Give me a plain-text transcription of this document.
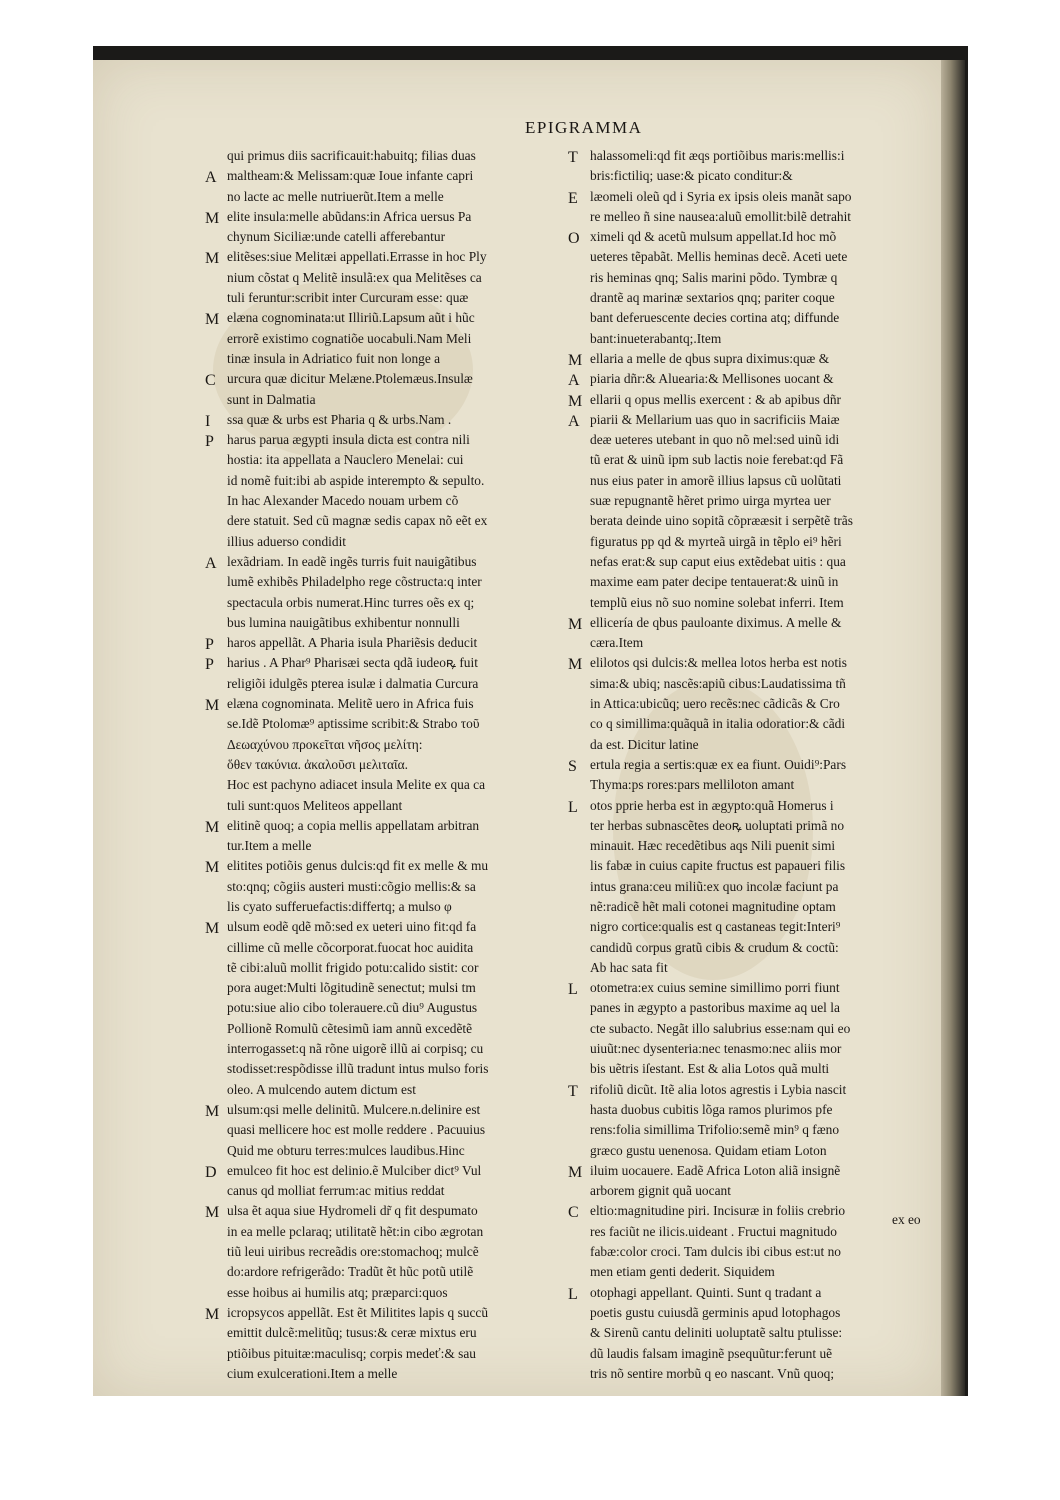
EPIGRAMMA
qui primus diis sacrificauit:habuitq; filias duas
A maltheam:& Melissam:quæ Ioue infante capri
no lacte ac melle nutriuerũt.Item a melle
M elite insula:melle abũdans:in Africa uersus Pa
chynum Siciliæ:unde catelli afferebantur
M elitẽses:siue Melitæi appellati.Errasse in hoc Ply
nium cõstat q Melitẽ insulã:ex qua Melitẽses ca
tuli feruntur:scribit inter Curcuram esse: quæ
M elæna cognominata:ut Illiriũ.Lapsum aũt i hũc
errorẽ existimo cognatiõe uocabuli.Nam Meli
tinæ insula in Adriatico fuit non longe a
C urcura quæ dicitur Melæne.Ptolemæus.Insulæ
sunt in Dalmatia
I	ssa quæ & urbs est Pharia q & urbs.Nam .
P harus parua ægypti insula dicta est contra nili
hostia: ita appellata a Nauclero Menelai: cui
id nomẽ fuit:ibi ab aspide interempto & sepulto.
In hac Alexander Macedo nouam urbem cõ
dere statuit. Sed cũ magnæ sedis capax nõ eẽt ex
illius aduerso condidit
A lexãdriam. In eadẽ ingẽs turris fuit nauigãtibus
lumẽ exhibẽs Philadelpho rege cõstructa:q inter
spectacula orbis numerat.Hinc turres oẽs ex q;
bus lumina nauigãtibus exhibentur nonnulli
P haros appellãt. A Pharia isula Phariẽsis deducit
P harius . A Phar⁹ Pharisæi secta qdã iudeoꝶ fuit
religiõi idulgẽs pterea isulæ i dalmatia Curcura
M elæna cognominata. Melitẽ uero in Africa fuis
se.Idẽ Ptolomæ⁹ aptissime scribit:& Strabo τοῦ
Δεωαχύνου προκεῖται νῆσος μελίτη:
ὅθεν τακύνια. ἀκαλοῦσι μελιταῖα.
Hoc est pachyno adiacet insula Melite ex qua ca
tuli sunt:quos Meliteos appellant
M elitinẽ quoq; a copia mellis appellatam arbitran
tur.Item a melle
M elitites potiõis genus dulcis:qd fit ex melle & mu
sto:qnq; cõgiis austeri musti:cõgio mellis:& sa
lis cyato sufferuefactis:differtq; a mulso φ
M ulsum eodẽ qdẽ mõ:sed ex ueteri uino fit:qd fa
cillime cũ melle cõcorporat.fuocat hoc auidita
tẽ cibi:aluũ mollit frigido potu:calido sistit: cor
pora auget:Multi lõgitudinẽ senectut; mulsi tm
potu:siue alio cibo tolerauere.cũ diu⁹ Augustus
Pollionẽ Romulũ cẽtesimũ iam annũ excedẽtẽ
interrogasset:q nã rõne uigorẽ illũ ai corpisq; cu
stodisset:respõdisse illũ tradunt intus mulso foris
oleo. A mulcendo autem dictum est
M ulsum:qsi melle delinitũ. Mulcere.n.delinire est
quasi mellicere hoc est molle reddere . Pacuuius
Quid me obturu terres:mulces laudibus.Hinc
D emulceo fit hoc est delinio.ẽ Mulciber dict⁹ Vul
canus qd molliat ferrum:ac mitius reddat
M ulsa ẽt aqua siue Hydromeli dr̃ q fit despumato
in ea melle pclaraq; utilitatẽ hẽt:in cibo ægrotan
tiũ leui uiribus recreãdis ore:stomachoq; mulcẽ
do:ardore refrigerãdo: Tradũt ẽt hũc potũ utilẽ
esse hoibus ai humilis atq; præparci:quos
M icropsycos appellãt. Est ẽt Militites lapis q succũ
emittit dulcẽ:melitũq; tusus:& ceræ mixtus eru
ptiõibus pituitæ:maculisq; corpis medeť:& sau
cium exulcerationi.Item a melle
T halassomeli:qd fit æqs portiõibus maris:mellis:i
bris:fictiliq; uase:& picato conditur:&
E læomeli oleũ qd i Syria ex ipsis oleis manãt sapo
re melleo ñ sine nausea:aluũ emollit:bilẽ detrahit
O ximeli qd & acetũ mulsum appellat.Id hoc mõ
ueteres tẽpabãt. Mellis heminas decẽ. Aceti uete
ris heminas qnq; Salis marini põdo. Tymbræ q
drantẽ aq marinæ sextarios qnq; pariter coque
bant deferuescente decies cortina atq; diffunde
bant:inueterabantq;.Item
M ellaria a melle de qbus supra diximus:quæ &
A piaria dñr:& Aluearia:& Mellisones uocant &
M ellarii q opus mellis exercent : & ab apibus dñr
A piarii & Mellarium uas quo in sacrificiis Maiæ
deæ ueteres utebant in quo nõ mel:sed uinũ idi
tũ erat & uinũ ipm sub lactis noie ferebat:qd Fã
nus eius pater in amorẽ illius lapsus cũ uolũtati
suæ repugnantẽ hẽret primo uirga myrtea uer
berata deinde uino sopitã cõprææsit i serpẽtẽ trãs
figuratus pp qd & myrteã uirgã in tẽplo ei⁹ hẽri
nefas erat:& sup caput eius extẽdebat uitis : qua
maxime eam pater decipe tentauerat:& uinũ in
templũ eius nõ suo nomine solebat inferri. Item
M ellicería de qbus pauloante diximus. A melle &
cæra.Item
M elilotos qsi dulcis:& mellea lotos herba est notis
sima:& ubiq; nascẽs:apiũ cibus:Laudatissima tñ
in Attica:ubicũq; uero recẽs:nec cãdicãs & Cro
co q simillima:quãquã in italia odoratior:& cãdi
da est. Dicitur latine
S ertula regia a sertis:quæ ex ea fiunt. Ouidi⁹:Pars
Thyma:ps rores:pars melliloton amant
L otos pprie herba est in ægypto:quã Homerus i
ter herbas subnascẽtes deoꝶ uoluptati primã no
minauit. Hæc recedẽtibus aqs Nili puenit simi
lis fabæ in cuius capite fructus est papaueri filis
intus grana:ceu miliũ:ex quo incolæ faciunt pa
nẽ:radicẽ hẽt mali cotonei magnitudine optam
nigro cortice:qualis est q castaneas tegit:Interi⁹
candidũ corpus gratũ cibis & crudum & coctũ:
Ab hac sata fit
L otometra:ex cuius semine simillimo porri fiunt
panes in ægypto a pastoribus maxime aq uel la
cte subacto. Negãt illo salubrius esse:nam qui eo
uiuũt:nec dysenteria:nec tenasmo:nec aliis mor
bis uẽtris iſestant. Est & alia Lotos quã multi
T rifoliũ dicũt. Itẽ alia lotos agrestis i Lybia nascit
hasta duobus cubitis lõga ramos plurimos pfe
rens:folia simillima Trifolio:semẽ min⁹ q fæno
græco gustu uenenosa. Quidam etiam Loton
M iluim uocauere. Eadẽ Africa Loton aliã insignẽ
arborem gignit quã uocant
C eltio:magnitudine piri. Incisuræ in foliis crebrio
res faciũt ne ilicis.uideant . Fructui magnitudo
fabæ:color croci. Tam dulcis ibi cibus est:ut no
men etiam genti dederit. Siquidem
L otophagi appellant. Quinti. Sunt q tradant a
poetis gustu cuiusdã germinis apud lotophagos
& Sirenũ cantu deliniti uoluptatẽ saltu ptulisse:
dũ laudis falsam imaginẽ psequũtur:ferunt uẽ
tris nõ sentire morbũ q eo nascant. Vnũ quoq;
ex eo
